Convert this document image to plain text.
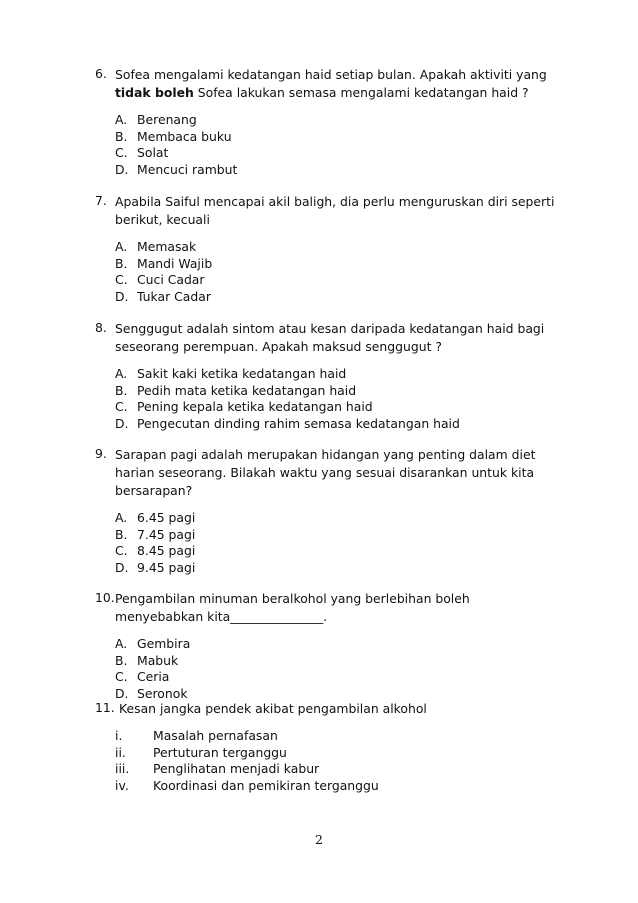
6. Sofea mengalami kedatangan haid setiap bulan. Apakah aktiviti yang
tidak boleh Sofea lakukan semasa mengalami kedatangan haid ?
A. Berenang
B. Membaca buku
C. Solat
D. Mencuci rambut
7. Apabila Saiful mencapai akil baligh, dia perlu menguruskan diri seperti
berikut, kecuali
A. Memasak
B. Mandi Wajib
C. Cuci Cadar
D. Tukar Cadar
8. Senggugut adalah sintom atau kesan daripada kedatangan haid bagi
seseorang perempuan. Apakah maksud senggugut ?
A. Sakit kaki ketika kedatangan haid
B. Pedih mata ketika kedatangan haid
C. Pening kepala ketika kedatangan haid
D. Pengecutan dinding rahim semasa kedatangan haid
9. Sarapan pagi adalah merupakan hidangan yang penting dalam diet
harian seseorang. Bilakah waktu yang sesuai disarankan untuk kita
bersarapan?
A. 6.45 pagi
B. 7.45 pagi
C. 8.45 pagi
D. 9.45 pagi
10. Pengambilan minuman beralkohol yang berlebihan boleh
menyebabkan kita_______________.
A. Gembira
B. Mabuk
C. Ceria
D. Seronok
11. Kesan jangka pendek akibat pengambilan alkohol
i. Masalah pernafasan
ii. Pertuturan terganggu
iii. Penglihatan menjadi kabur
iv. Koordinasi dan pemikiran terganggu
2
